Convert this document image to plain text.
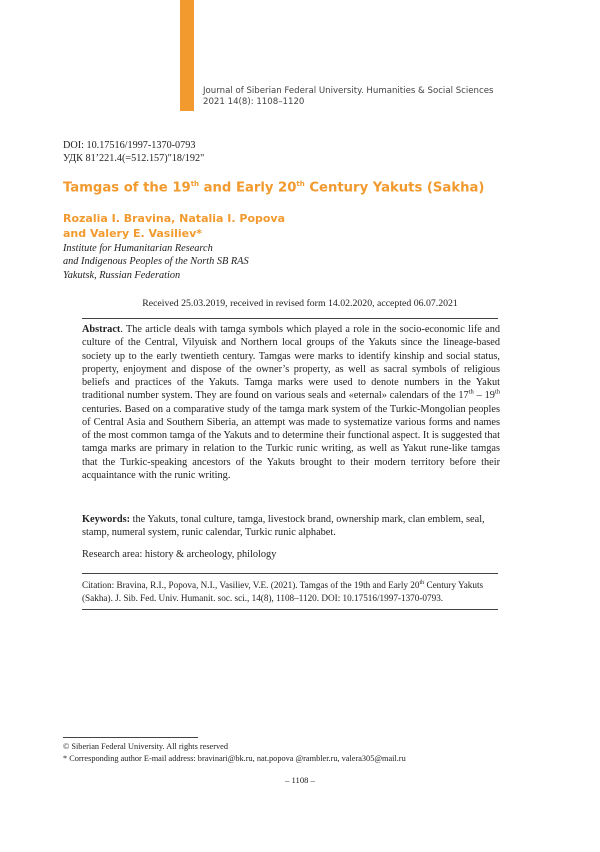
Journal of Siberian Federal University. Humanities & Social Sciences
2021 14(8): 1108–1120
DOI: 10.17516/1997-1370-0793
УДК 81’221.4(=512.157)"18/192"
Tamgas of the 19th and Early 20th Century Yakuts (Sakha)
Rozalia I. Bravina, Natalia I. Popova
and Valery E. Vasiliev*
Institute for Humanitarian Research
and Indigenous Peoples of the North SB RAS
Yakutsk, Russian Federation
Received 25.03.2019, received in revised form 14.02.2020, accepted 06.07.2021
Abstract. The article deals with tamga symbols which played a role in the socio-economic life and culture of the Central, Vilyuisk and Northern local groups of the Yakuts since the lineage-based society up to the early twentieth century. Tamgas were marks to identify kinship and social status, property, enjoyment and dispose of the owner’s property, as well as sacral symbols of religious beliefs and practices of the Yakuts. Tamga marks were used to denote numbers in the Yakut traditional number system. They are found on various seals and «eternal» calendars of the 17th – 19th centuries. Based on a comparative study of the tamga mark system of the Turkic-Mongolian peoples of Central Asia and Southern Siberia, an attempt was made to systematize various forms and names of the most common tamga of the Yakuts and to determine their functional aspect. It is suggested that tamga marks are primary in relation to the Turkic runic writing, as well as Yakut rune-like tamgas that the Turkic-speaking ancestors of the Yakuts brought to their modern territory before their acquaintance with the runic writing.
Keywords: the Yakuts, tonal culture, tamga, livestock brand, ownership mark, clan emblem, seal, stamp, numeral system, runic calendar, Turkic runic alphabet.
Research area: history & archeology, philology
Citation: Bravina, R.I., Popova, N.I., Vasiliev, V.E. (2021). Tamgas of the 19th and Early 20th Century Yakuts (Sakha). J. Sib. Fed. Univ. Humanit. soc. sci., 14(8), 1108–1120. DOI: 10.17516/1997-1370-0793.
© Siberian Federal University. All rights reserved
* Corresponding author E-mail address: bravinari@bk.ru, nat.popova @rambler.ru, valera305@mail.ru
– 1108 –
